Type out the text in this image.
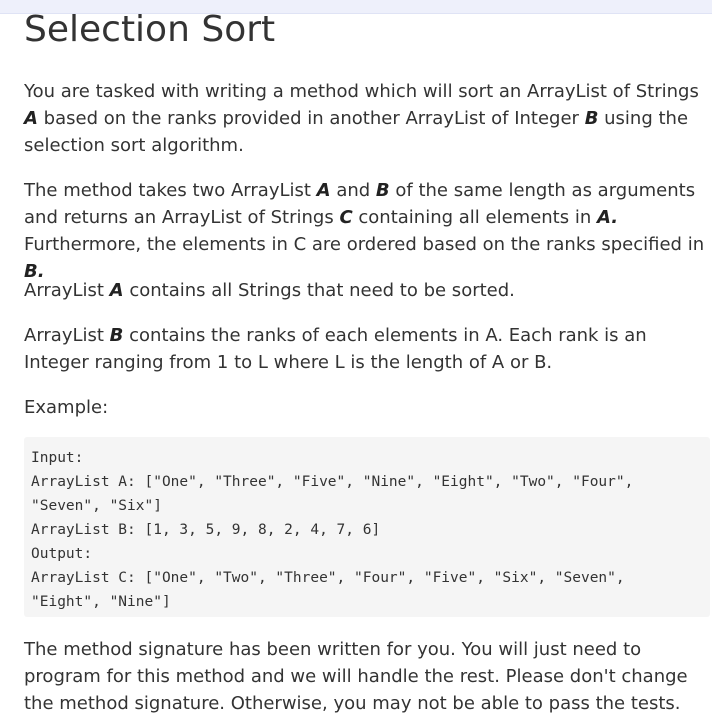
Selection Sort

You are tasked with writing a method which will sort an ArrayList of Strings A based on the ranks provided in another ArrayList of Integer B using the selection sort algorithm.

The method takes two ArrayList A and B of the same length as arguments and returns an ArrayList of Strings C containing all elements in A. Furthermore, the elements in C are ordered based on the ranks specified in B.

ArrayList A contains all Strings that need to be sorted.

ArrayList B contains the ranks of each elements in A. Each rank is an Integer ranging from 1 to L where L is the length of A or B.

Example:

The method signature has been written for you. You will just need to program for this method and we will handle the rest. Please don't change the method signature. Otherwise, you may not be able to pass the tests.

Input:
ArrayList A: ["One", "Three", "Five", "Nine", "Eight", "Two", "Four",
"Seven", "Six"]
ArrayList B: [1, 3, 5, 9, 8, 2, 4, 7, 6]
Output:
ArrayList C: ["One", "Two", "Three", "Four", "Five", "Six", "Seven",
"Eight", "Nine"]
